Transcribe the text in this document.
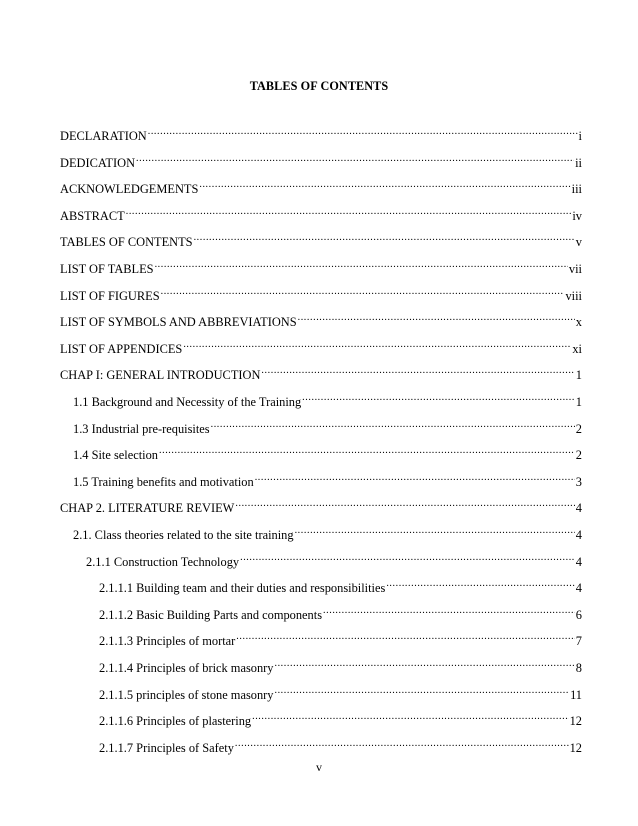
TABLES OF CONTENTS
DECLARATION .....	i
DEDICATION .....	ii
ACKNOWLEDGEMENTS .....	iii
ABSTRACT .....	iv
TABLES OF CONTENTS .....	v
LIST OF TABLES .....	vii
LIST OF FIGURES .....	viii
LIST OF SYMBOLS AND ABBREVIATIONS .....	x
LIST OF APPENDICES .....	xi
CHAP I: GENERAL INTRODUCTION .....	1
1.1 Background and Necessity of the Training .....	1
1.3 Industrial pre-requisites .....	2
1.4 Site selection .....	2
1.5 Training benefits and motivation .....	3
CHAP 2. LITERATURE REVIEW .....	4
2.1. Class theories related to the site training .....	4
2.1.1 Construction Technology .....	4
2.1.1.1 Building team and their duties and responsibilities .....	4
2.1.1.2 Basic Building Parts and components .....	6
2.1.1.3 Principles of mortar .....	7
2.1.1.4 Principles of brick masonry .....	8
2.1.1.5 principles of stone masonry .....	11
2.1.1.6 Principles of plastering .....	12
2.1.1.7 Principles of Safety .....	12
v
